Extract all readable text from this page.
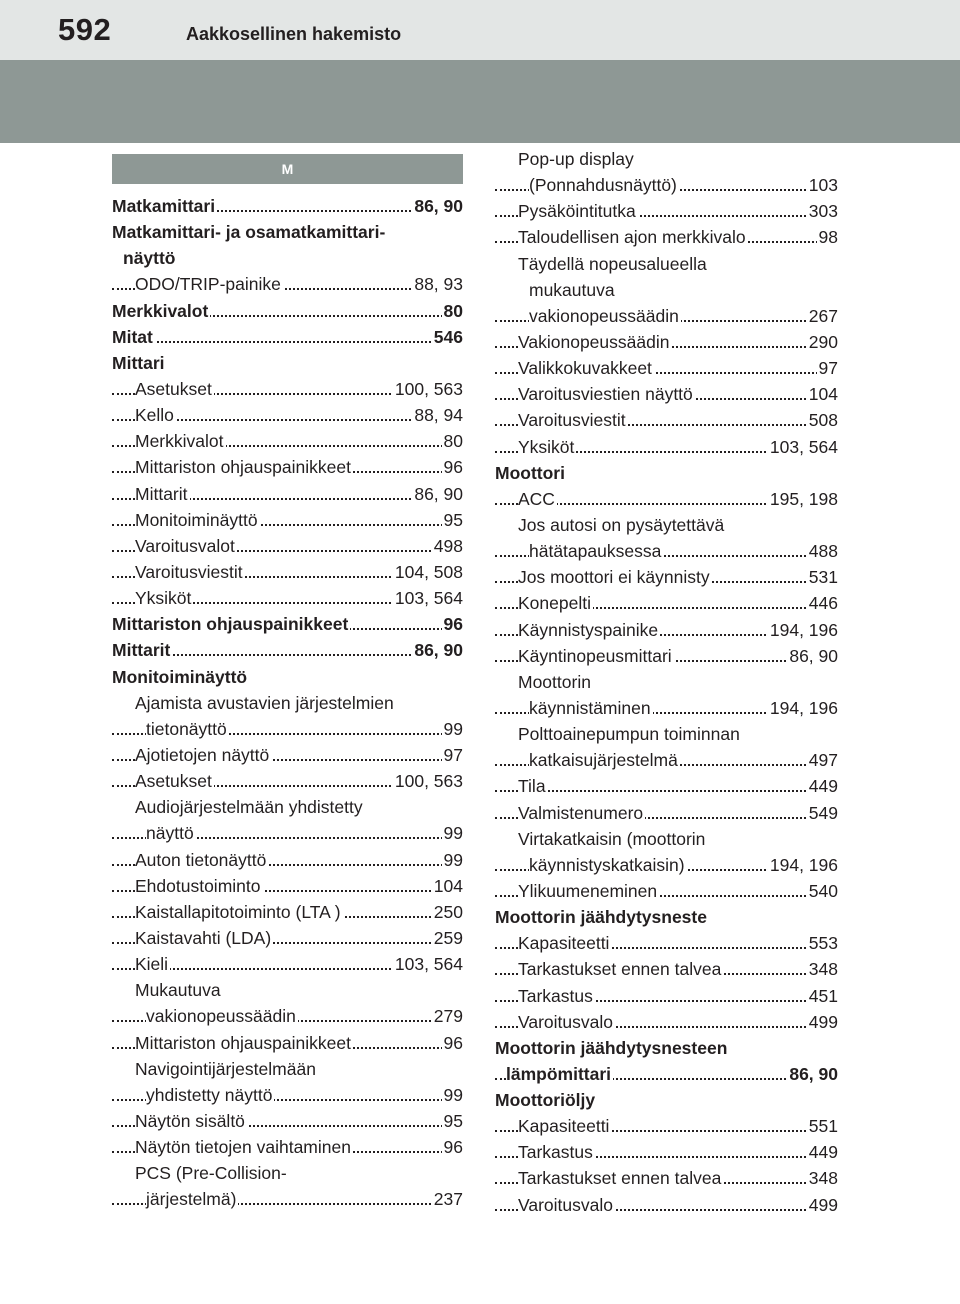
592	Aakkosellinen hakemisto
M
Matkamittari	86, 90
Matkamittari- ja osamatkamittari-
näyttö
ODO/TRIP-painike	88, 93
Merkkivalot	80
Mitat	546
Mittari
Asetukset	100, 563
Kello	88, 94
Merkkivalot	80
Mittariston ohjauspainikkeet	96
Mittarit	86, 90
Monitoiminäyttö	95
Varoitusvalot	498
Varoitusviestit	104, 508
Yksiköt	103, 564
Mittariston ohjauspainikkeet	96
Mittarit	86, 90
Monitoiminäyttö
Ajamista avustavien järjestelmien
tietonäyttö	99
Ajotietojen näyttö	97
Asetukset	100, 563
Audiojärjestelmään yhdistetty
näyttö	99
Auton tietonäyttö	99
Ehdotustoiminto	104
Kaistallapitotoiminto (LTA )	250
Kaistavahti (LDA)	259
Kieli	103, 564
Mukautuva
vakionopeussäädin	279
Mittariston ohjauspainikkeet	96
Navigointijärjestelmään
yhdistetty näyttö	99
Näytön sisältö	95
Näytön tietojen vaihtaminen	96
PCS (Pre-Collision-
järjestelmä)	237
Pop-up display
(Ponnahdusnäyttö)	103
Pysäköintitutka	303
Taloudellisen ajon merkkivalo	98
Täydellä nopeusalueella
mukautuva
vakionopeussäädin	267
Vakionopeussäädin	290
Valikkokuvakkeet	97
Varoitusviestien näyttö	104
Varoitusviestit	508
Yksiköt	103, 564
Moottori
ACC	195, 198
Jos autosi on pysäytettävä
hätätapauksessa	488
Jos moottori ei käynnisty	531
Konepelti	446
Käynnistyspainike	194, 196
Käyntinopeusmittari	86, 90
Moottorin
käynnistäminen	194, 196
Polttoainepumpun toiminnan
katkaisujärjestelmä	497
Tila	449
Valmistenumero	549
Virtakatkaisin (moottorin
käynnistyskatkaisin)	194, 196
Ylikuumeneminen	540
Moottorin jäähdytysneste
Kapasiteetti	553
Tarkastukset ennen talvea	348
Tarkastus	451
Varoitusvalo	499
Moottorin jäähdytysnesteen
lämpömittari	86, 90
Moottoriöljy
Kapasiteetti	551
Tarkastus	449
Tarkastukset ennen talvea	348
Varoitusvalo	499
